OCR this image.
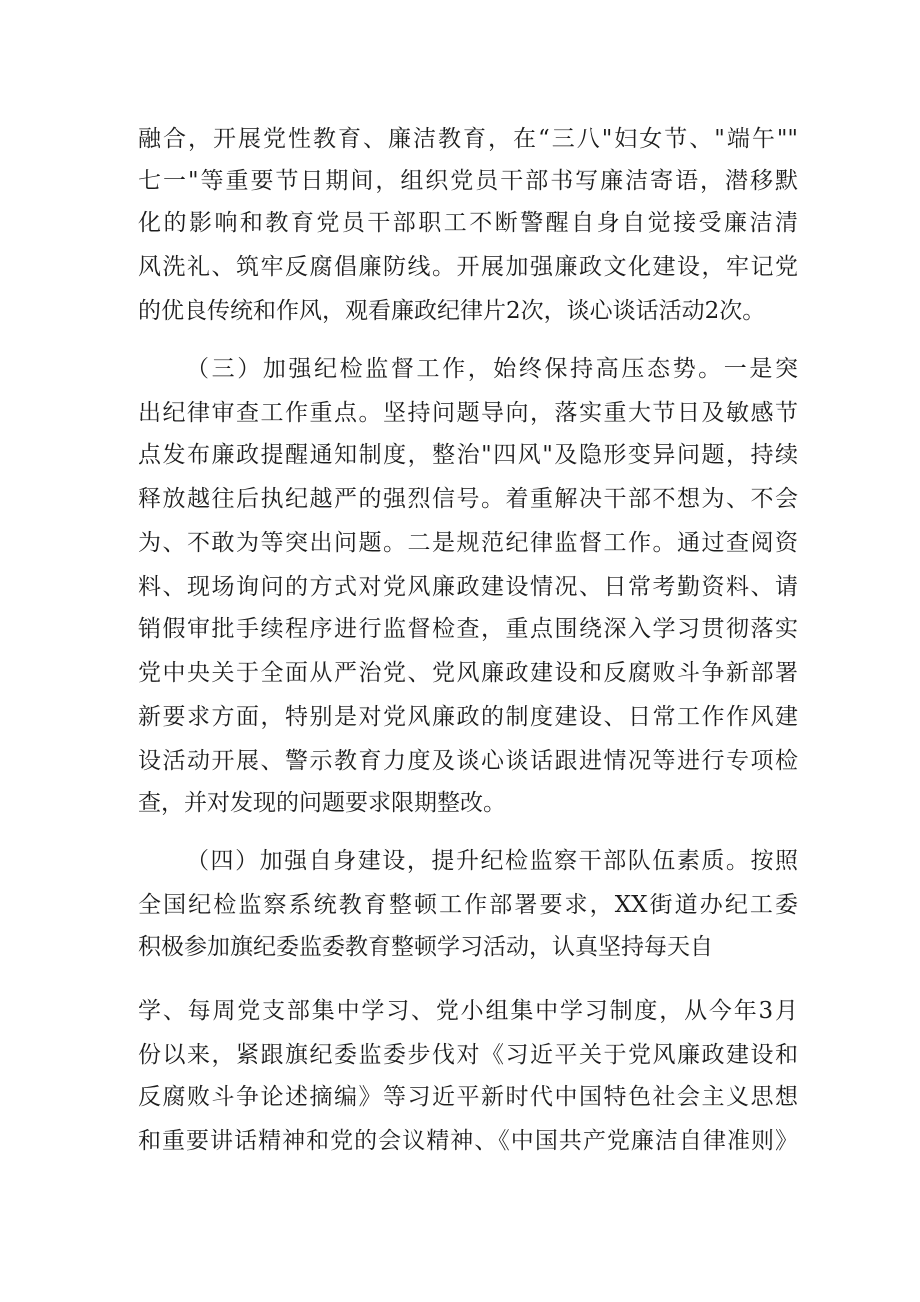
融合，开展党性教育、廉洁教育，在“三八"妇女节、"端午""
七一"等重要节日期间，组织党员干部书写廉洁寄语，潜移默
化的影响和教育党员干部职工不断警醒自身自觉接受廉洁清
风洗礼、筑牢反腐倡廉防线。开展加强廉政文化建设，牢记党
的优良传统和作风，观看廉政纪律片2次，谈心谈话活动2次。
（三）加强纪检监督工作，始终保持高压态势。一是突
出纪律审查工作重点。坚持问题导向，落实重大节日及敏感节
点发布廉政提醒通知制度，整治"四风"及隐形变异问题，持续
释放越往后执纪越严的强烈信号。着重解决干部不想为、不会
为、不敢为等突出问题。二是规范纪律监督工作。通过查阅资
料、现场询问的方式对党风廉政建设情况、日常考勤资料、请
销假审批手续程序进行监督检查，重点围绕深入学习贯彻落实
党中央关于全面从严治党、党风廉政建设和反腐败斗争新部署
新要求方面，特别是对党风廉政的制度建设、日常工作作风建
设活动开展、警示教育力度及谈心谈话跟进情况等进行专项检
查，并对发现的问题要求限期整改。
（四）加强自身建设，提升纪检监察干部队伍素质。按照
全国纪检监察系统教育整顿工作部署要求，XX街道办纪工委
积极参加旗纪委监委教育整顿学习活动，认真坚持每天自
学、每周党支部集中学习、党小组集中学习制度，从今年3月
份以来，紧跟旗纪委监委步伐对《习近平关于党风廉政建设和
反腐败斗争论述摘编》等习近平新时代中国特色社会主义思想
和重要讲话精神和党的会议精神、《中国共产党廉洁自律准则》
